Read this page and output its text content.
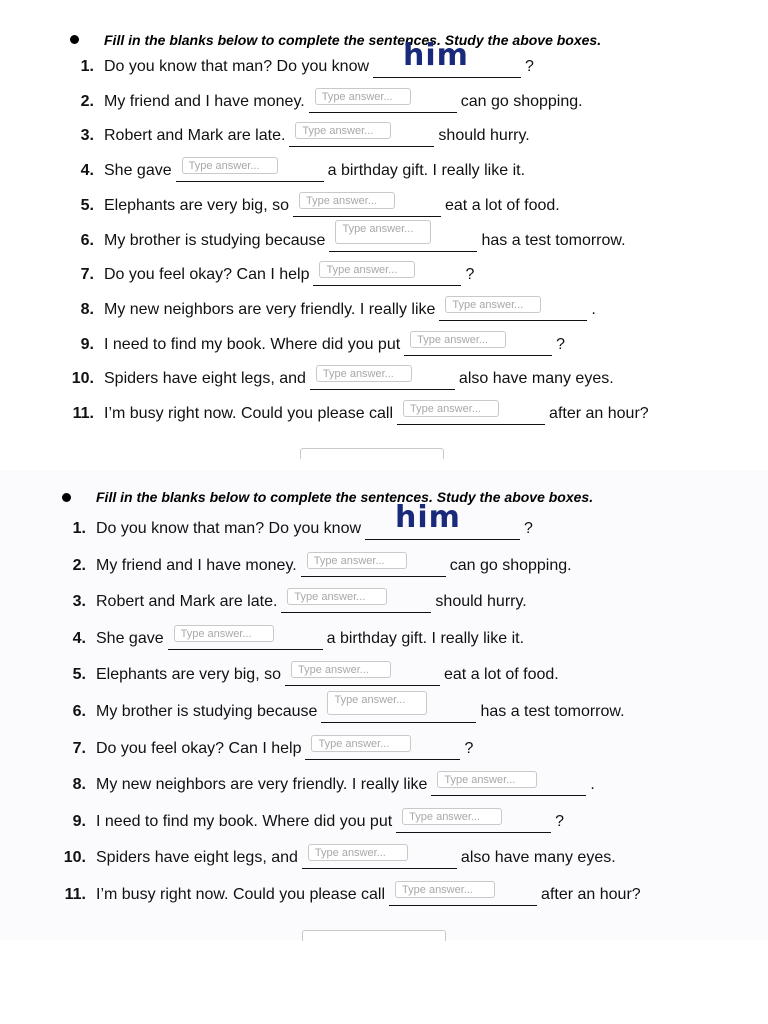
Fill in the blanks below to complete the sentences. Study the above boxes.
1. Do you know that man? Do you know him	?
2. My friend and I have money.	Type answer...	can go shopping.
3. Robert and Mark are late.	Type answer...	should hurry.
4. She gave	Type answer...	a birthday gift. I really like it.
5. Elephants are very big, so	Type answer...	eat a lot of food.
6. My brother is studying because
Type answer...
has a test tomorrow.
7. Do you feel okay? Can I help	Type answer...	?
8. My new neighbors are very friendly. I really like	Type answer...	.
9. I need to find my book. Where did you put	Type answer...	?
10. Spiders have eight legs, and	Type answer...	also have many eyes.
11. I’m busy right now. Could you please call	Type answer...	after an hour?
Fill in the blanks below to complete the sentences. Study the above boxes.
1. Do you know that man? Do you know him	?
2. My friend and I have money.	Type answer...	can go shopping.
3. Robert and Mark are late.	Type answer...	should hurry.
4. She gave	Type answer...	a birthday gift. I really like it.
5. Elephants are very big, so	Type answer...	eat a lot of food.
6. My brother is studying because
Type answer...
has a test tomorrow.
7. Do you feel okay? Can I help	Type answer...	?
8. My new neighbors are very friendly. I really like	Type answer...	.
9. I need to find my book. Where did you put	Type answer...	?
10. Spiders have eight legs, and	Type answer...	also have many eyes.
11. I’m busy right now. Could you please call	Type answer...	after an hour?
